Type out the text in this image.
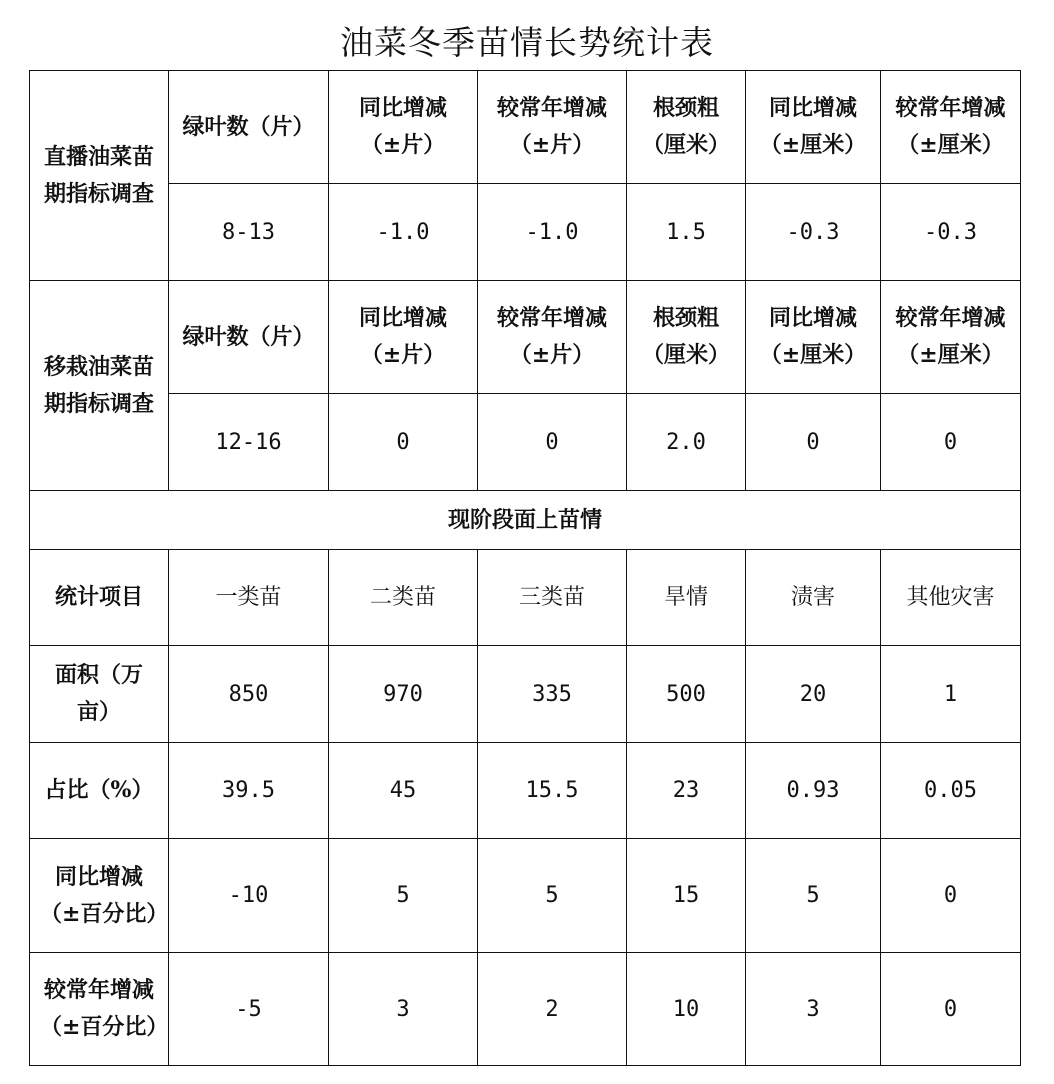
油菜冬季苗情长势统计表
直播油菜苗期指标调查	绿叶数（片）	同比增减（±片）	较常年增减（±片）	根颈粗（厘米）	同比增减（±厘米）	较常年增减（±厘米）
	8-13	-1.0	-1.0	1.5	-0.3	-0.3
移栽油菜苗期指标调查	绿叶数（片）	同比增减（±片）	较常年增减（±片）	根颈粗（厘米）	同比增减（±厘米）	较常年增减（±厘米）
	12-16	0	0	2.0	0	0
现阶段面上苗情						
统计项目	一类苗	二类苗	三类苗	旱情	渍害	其他灾害
面积（万亩）	850	970	335	500	20	1
占比（%）	39.5	45	15.5	23	0.93	0.05
同比增减（±百分比）	-10	5	5	15	5	0
较常年增减（±百分比）	-5	3	2	10	3	0
